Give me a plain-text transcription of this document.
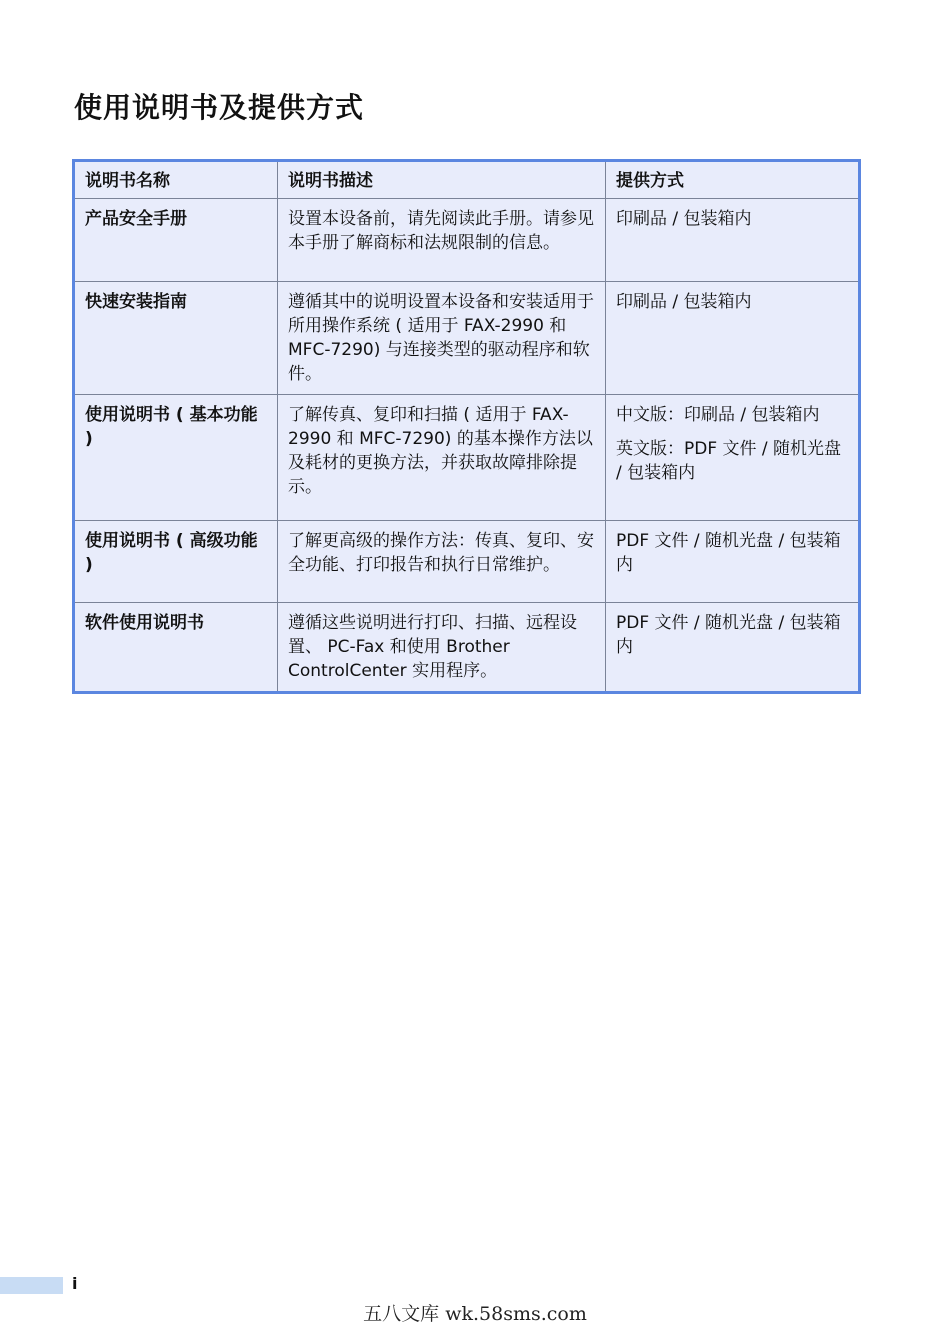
使用说明书及提供方式
说明书名称	说明书描述	提供方式
产品安全手册	设置本设备前，请先阅读此手册。请参见本手册了解商标和法规限制的信息。	印刷品 / 包装箱内

快速安装指南	遵循其中的说明设置本设备和安装适用于所用操作系统 ( 适用于 FAX-2990 和 MFC-7290) 与连接类型的驱动程序和软件。	印刷品 / 包装箱内

使用说明书 ( 基本功能 )	了解传真、复印和扫描 ( 适用于 FAX-2990 和 MFC-7290) 的基本操作方法以及耗材的更换方法，并获取故障排除提示。	中文版：印刷品 / 包装箱内

英文版：PDF 文件 / 随机光盘 / 包装箱内

使用说明书 ( 高级功能 )	了解更高级的操作方法：传真、复印、安全功能、打印报告和执行日常维护。	PDF 文件 / 随机光盘 / 包装箱内

软件使用说明书	遵循这些说明进行打印、扫描、远程设置、 PC-Fax 和使用 Brother ControlCenter 实用程序。	PDF 文件 / 随机光盘 / 包装箱内

i
五八文库 wk.58sms.com
